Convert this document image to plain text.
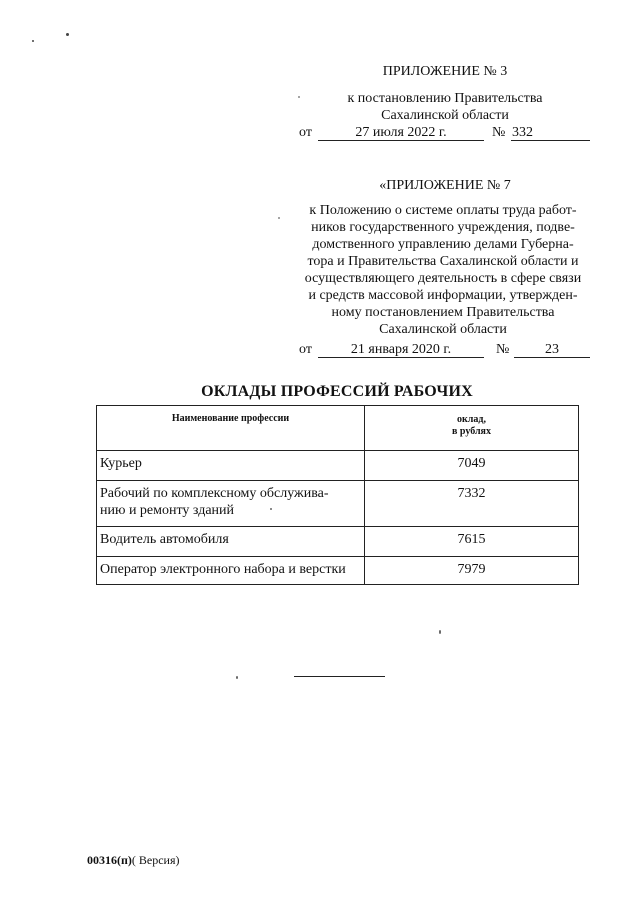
ПРИЛОЖЕНИЕ № 3
к постановлению Правительства
Сахалинской области
от	27 июля 2022 г.	№ 332
«ПРИЛОЖЕНИЕ № 7
к Положению о системе оплаты труда работ-
ников государственного учреждения, подве-
домственного управлению делами Губерна-
тора и Правительства Сахалинской области и
осуществляющего деятельность в сфере связи
и средств массовой информации, утвержден-
ному постановлением Правительства
Сахалинской области
от	21 января 2020 г.	№	23
ОКЛАДЫ ПРОФЕССИЙ РАБОЧИХ
Наименование профессии	оклад,
в рублях

Курьер	7049
Рабочий по комплексному обслужива-
нию и ремонту зданий	7332
Водитель автомобиля	7615
Оператор электронного набора и верстки	7979
00316(п)( Версия)
